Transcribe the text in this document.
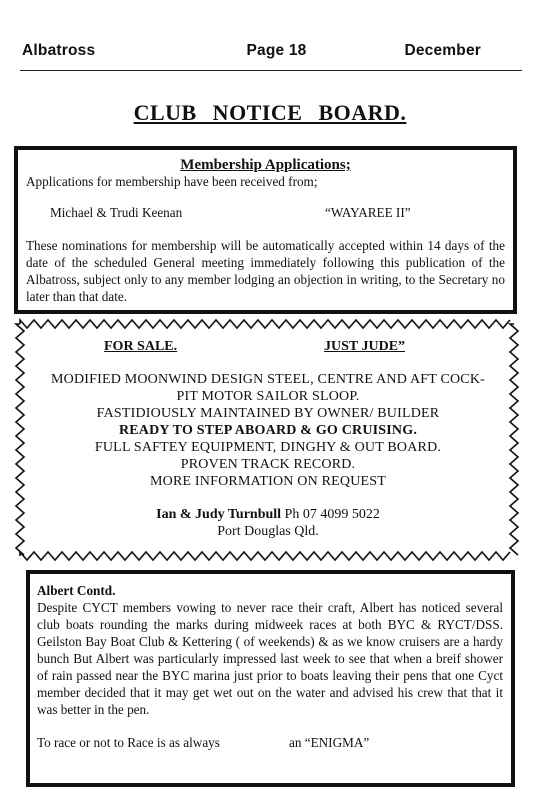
Albatross	Page 18	December
CLUB NOTICE BOARD.
Membership Applications;
Applications for membership have been received from;
Michael & Trudi Keenan	“WAYAREE II”
These nominations for membership will be automatically accepted within 14 days of the date of the scheduled General meeting immediately following this publication of the Albatross, subject only to any member lodging an objection in writing, to the Secretary no later than that date.
FOR SALE.	JUST JUDE”
MODIFIED MOONWIND DESIGN STEEL, CENTRE AND AFT COCK-
PIT MOTOR SAILOR SLOOP.
FASTIDIOUSLY MAINTAINED BY OWNER/ BUILDER
READY TO STEP ABOARD & GO CRUISING.
FULL SAFTEY EQUIPMENT, DINGHY & OUT BOARD.
PROVEN TRACK RECORD.
MORE INFORMATION ON REQUEST
Ian & Judy Turnbull Ph 07 4099 5022
Port Douglas Qld.
Albert Contd.
Despite CYCT members vowing to never race their craft, Albert has noticed several club boats rounding the marks during midweek races at both BYC & RYCT/DSS. Geilston Bay Boat Club & Kettering ( of weekends) & as we know cruisers are a hardy bunch But Albert was particularly impressed last week to see that when a breif shower of rain passed near the BYC marina just prior to boats leaving their pens that one Cyct member decided that it may get wet out on the water and advised his crew that that it was better in the pen.
To race or not to Race is as always	an “ENIGMA”
